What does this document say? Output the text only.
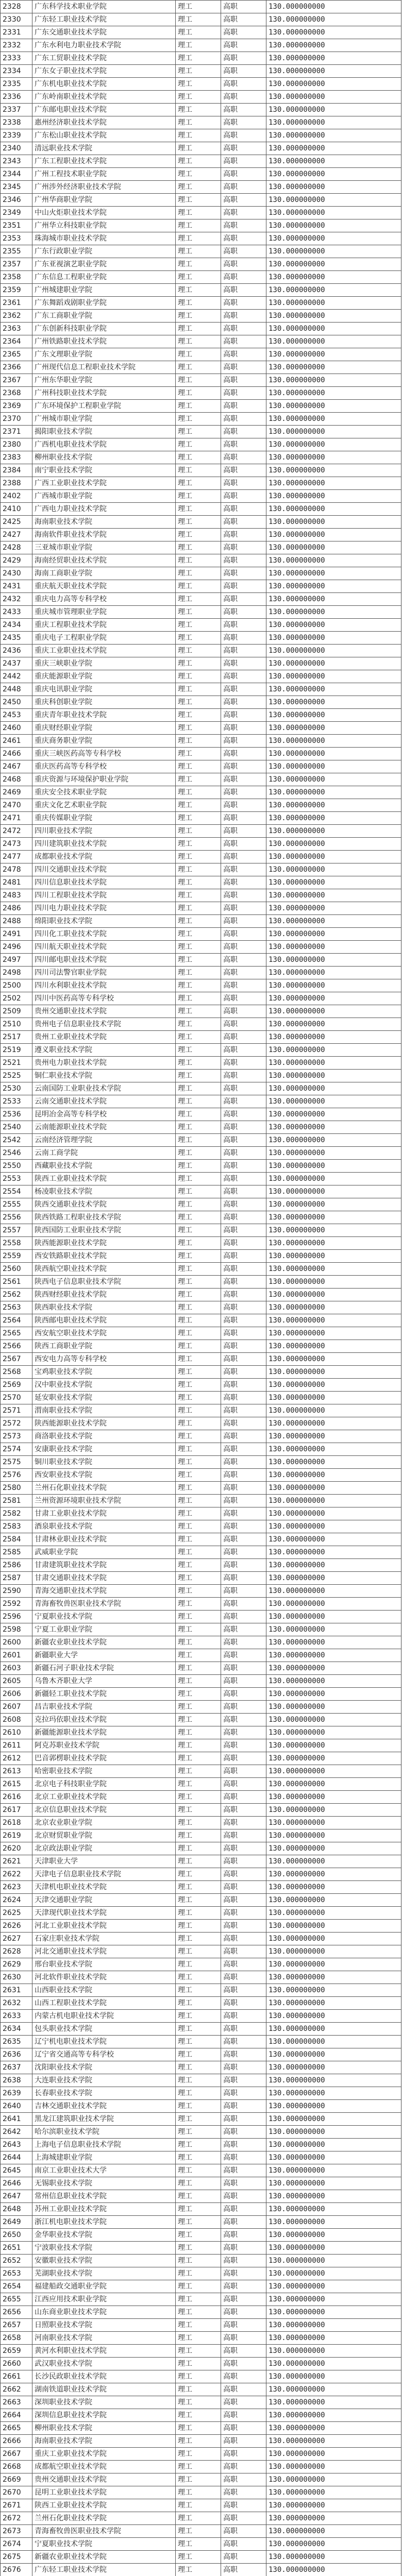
2328	广东科学技术职业学院	理工	高职	130.000000000
2330	广东轻工职业技术学院	理工	高职	130.000000000
2331	广东交通职业技术学院	理工	高职	130.000000000
2332	广东水利电力职业技术学院	理工	高职	130.000000000
2333	广东工贸职业技术学院	理工	高职	130.000000000
2334	广东女子职业技术学院	理工	高职	130.000000000
2335	广东机电职业技术学院	理工	高职	130.000000000
2336	广东岭南职业技术学院	理工	高职	130.000000000
2337	广东邮电职业技术学院	理工	高职	130.000000000
2338	惠州经济职业技术学院	理工	高职	130.000000000
2339	广东松山职业技术学院	理工	高职	130.000000000
2340	清远职业技术学院	理工	高职	130.000000000
2343	广东工程职业技术学院	理工	高职	130.000000000
2344	广州工程技术职业学院	理工	高职	130.000000000
2345	广州涉外经济职业技术学院	理工	高职	130.000000000
2346	广州华商职业学院	理工	高职	130.000000000
2349	中山火炬职业技术学院	理工	高职	130.000000000
2351	广州华立科技职业学院	理工	高职	130.000000000
2353	珠海城市职业技术学院	理工	高职	130.000000000
2355	广东行政职业学院	理工	高职	130.000000000
2357	广东亚视演艺职业学院	理工	高职	130.000000000
2358	广东信息工程职业学院	理工	高职	130.000000000
2359	广州城建职业学院	理工	高职	130.000000000
2361	广东舞蹈戏剧职业学院	理工	高职	130.000000000
2362	广东工商职业学院	理工	高职	130.000000000
2363	广东创新科技职业学院	理工	高职	130.000000000
2364	广州铁路职业技术学院	理工	高职	130.000000000
2365	广东文理职业学院	理工	高职	130.000000000
2366	广州现代信息工程职业技术学院	理工	高职	130.000000000
2367	广州东华职业学院	理工	高职	130.000000000
2368	广州科技职业技术学院	理工	高职	130.000000000
2369	广东环境保护工程职业学院	理工	高职	130.000000000
2370	广州城市职业学院	理工	高职	130.000000000
2371	揭阳职业技术学院	理工	高职	130.000000000
2380	广西机电职业技术学院	理工	高职	130.000000000
2383	柳州职业技术学院	理工	高职	130.000000000
2384	南宁职业技术学院	理工	高职	130.000000000
2388	广西工业职业技术学院	理工	高职	130.000000000
2402	广西城市职业学院	理工	高职	130.000000000
2410	广西电力职业技术学院	理工	高职	130.000000000
2425	海南职业技术学院	理工	高职	130.000000000
2427	海南软件职业技术学院	理工	高职	130.000000000
2428	三亚城市职业学院	理工	高职	130.000000000
2429	海南经贸职业技术学院	理工	高职	130.000000000
2430	海南工商职业学院	理工	高职	130.000000000
2431	重庆航天职业技术学院	理工	高职	130.000000000
2432	重庆电力高等专科学校	理工	高职	130.000000000
2433	重庆城市管理职业学院	理工	高职	130.000000000
2434	重庆工程职业技术学院	理工	高职	130.000000000
2435	重庆电子工程职业学院	理工	高职	130.000000000
2436	重庆工业职业技术学院	理工	高职	130.000000000
2437	重庆三峡职业学院	理工	高职	130.000000000
2442	重庆能源职业学院	理工	高职	130.000000000
2448	重庆电讯职业学院	理工	高职	130.000000000
2450	重庆科创职业学院	理工	高职	130.000000000
2453	重庆青年职业技术学院	理工	高职	130.000000000
2460	重庆财经职业学院	理工	高职	130.000000000
2461	重庆商务职业学院	理工	高职	130.000000000
2466	重庆三峡医药高等专科学校	理工	高职	130.000000000
2467	重庆医药高等专科学校	理工	高职	130.000000000
2468	重庆资源与环境保护职业学院	理工	高职	130.000000000
2469	重庆安全技术职业学院	理工	高职	130.000000000
2470	重庆文化艺术职业学院	理工	高职	130.000000000
2471	重庆传媒职业学院	理工	高职	130.000000000
2472	四川职业技术学院	理工	高职	130.000000000
2473	四川建筑职业技术学院	理工	高职	130.000000000
2477	成都职业技术学院	理工	高职	130.000000000
2478	四川交通职业技术学院	理工	高职	130.000000000
2481	四川信息职业技术学院	理工	高职	130.000000000
2483	四川工程职业技术学院	理工	高职	130.000000000
2486	四川电力职业技术学院	理工	高职	130.000000000
2488	绵阳职业技术学院	理工	高职	130.000000000
2491	四川化工职业技术学院	理工	高职	130.000000000
2496	四川航天职业技术学院	理工	高职	130.000000000
2497	四川邮电职业技术学院	理工	高职	130.000000000
2498	四川司法警官职业学院	理工	高职	130.000000000
2500	四川水利职业技术学院	理工	高职	130.000000000
2502	四川中医药高等专科学校	理工	高职	130.000000000
2509	贵州交通职业技术学院	理工	高职	130.000000000
2510	贵州电子信息职业技术学院	理工	高职	130.000000000
2517	贵州工业职业技术学院	理工	高职	130.000000000
2519	遵义职业技术学院	理工	高职	130.000000000
2521	贵州电力职业技术学院	理工	高职	130.000000000
2525	铜仁职业技术学院	理工	高职	130.000000000
2530	云南国防工业职业技术学院	理工	高职	130.000000000
2533	云南交通职业技术学院	理工	高职	130.000000000
2536	昆明冶金高等专科学校	理工	高职	130.000000000
2540	云南能源职业技术学院	理工	高职	130.000000000
2542	云南经济管理学院	理工	高职	130.000000000
2546	云南工商学院	理工	高职	130.000000000
2550	西藏职业技术学院	理工	高职	130.000000000
2553	陕西工业职业技术学院	理工	高职	130.000000000
2554	杨凌职业技术学院	理工	高职	130.000000000
2555	陕西交通职业技术学院	理工	高职	130.000000000
2556	陕西铁路工程职业技术学院	理工	高职	130.000000000
2557	陕西国防工业职业技术学院	理工	高职	130.000000000
2558	陕西能源职业技术学院	理工	高职	130.000000000
2559	西安铁路职业技术学院	理工	高职	130.000000000
2560	陕西航空职业技术学院	理工	高职	130.000000000
2561	陕西电子信息职业技术学院	理工	高职	130.000000000
2562	陕西财经职业技术学院	理工	高职	130.000000000
2563	陕西职业技术学院	理工	高职	130.000000000
2564	陕西邮电职业技术学院	理工	高职	130.000000000
2565	西安航空职业技术学院	理工	高职	130.000000000
2566	陕西工商职业学院	理工	高职	130.000000000
2567	西安电力高等专科学校	理工	高职	130.000000000
2568	宝鸡职业技术学院	理工	高职	130.000000000
2569	汉中职业技术学院	理工	高职	130.000000000
2570	延安职业技术学院	理工	高职	130.000000000
2571	渭南职业技术学院	理工	高职	130.000000000
2572	陕西能源职业技术学院	理工	高职	130.000000000
2573	商洛职业技术学院	理工	高职	130.000000000
2574	安康职业技术学院	理工	高职	130.000000000
2575	铜川职业技术学院	理工	高职	130.000000000
2576	西安职业技术学院	理工	高职	130.000000000
2580	兰州石化职业技术学院	理工	高职	130.000000000
2581	兰州资源环境职业技术学院	理工	高职	130.000000000
2582	甘肃工业职业技术学院	理工	高职	130.000000000
2583	酒泉职业技术学院	理工	高职	130.000000000
2584	甘肃林业职业技术学院	理工	高职	130.000000000
2585	武威职业学院	理工	高职	130.000000000
2586	甘肃建筑职业技术学院	理工	高职	130.000000000
2587	甘肃交通职业技术学院	理工	高职	130.000000000
2590	青海交通职业技术学院	理工	高职	130.000000000
2592	青海畜牧兽医职业技术学院	理工	高职	130.000000000
2596	宁夏职业技术学院	理工	高职	130.000000000
2598	宁夏工业职业学院	理工	高职	130.000000000
2600	新疆农业职业技术学院	理工	高职	130.000000000
2601	新疆职业大学	理工	高职	130.000000000
2603	新疆石河子职业技术学院	理工	高职	130.000000000
2605	乌鲁木齐职业大学	理工	高职	130.000000000
2606	新疆轻工职业技术学院	理工	高职	130.000000000
2607	昌吉职业技术学院	理工	高职	130.000000000
2608	克拉玛依职业技术学院	理工	高职	130.000000000
2610	新疆能源职业技术学院	理工	高职	130.000000000
2611	阿克苏职业技术学院	理工	高职	130.000000000
2612	巴音郭楞职业技术学院	理工	高职	130.000000000
2613	哈密职业技术学院	理工	高职	130.000000000
2615	北京电子科技职业学院	理工	高职	130.000000000
2616	北京工业职业技术学院	理工	高职	130.000000000
2617	北京信息职业技术学院	理工	高职	130.000000000
2618	北京农业职业学院	理工	高职	130.000000000
2619	北京财贸职业学院	理工	高职	130.000000000
2620	北京政法职业学院	理工	高职	130.000000000
2621	天津职业大学	理工	高职	130.000000000
2622	天津电子信息职业技术学院	理工	高职	130.000000000
2623	天津机电职业技术学院	理工	高职	130.000000000
2624	天津交通职业学院	理工	高职	130.000000000
2625	天津现代职业技术学院	理工	高职	130.000000000
2626	河北工业职业技术学院	理工	高职	130.000000000
2627	石家庄职业技术学院	理工	高职	130.000000000
2628	河北交通职业技术学院	理工	高职	130.000000000
2629	邢台职业技术学院	理工	高职	130.000000000
2630	河北软件职业技术学院	理工	高职	130.000000000
2631	山西职业技术学院	理工	高职	130.000000000
2632	山西工程职业技术学院	理工	高职	130.000000000
2633	内蒙古机电职业技术学院	理工	高职	130.000000000
2634	包头职业技术学院	理工	高职	130.000000000
2635	辽宁机电职业技术学院	理工	高职	130.000000000
2636	辽宁省交通高等专科学校	理工	高职	130.000000000
2637	沈阳职业技术学院	理工	高职	130.000000000
2638	大连职业技术学院	理工	高职	130.000000000
2639	长春职业技术学院	理工	高职	130.000000000
2640	吉林交通职业技术学院	理工	高职	130.000000000
2641	黑龙江建筑职业技术学院	理工	高职	130.000000000
2642	哈尔滨职业技术学院	理工	高职	130.000000000
2643	上海电子信息职业技术学院	理工	高职	130.000000000
2644	上海城建职业学院	理工	高职	130.000000000
2645	南京工业职业技术大学	理工	高职	130.000000000
2646	无锡职业技术学院	理工	高职	130.000000000
2647	常州信息职业技术学院	理工	高职	130.000000000
2648	苏州工业职业技术学院	理工	高职	130.000000000
2649	浙江机电职业技术学院	理工	高职	130.000000000
2650	金华职业技术学院	理工	高职	130.000000000
2651	宁波职业技术学院	理工	高职	130.000000000
2652	安徽职业技术学院	理工	高职	130.000000000
2653	芜湖职业技术学院	理工	高职	130.000000000
2654	福建船政交通职业学院	理工	高职	130.000000000
2655	江西应用技术职业学院	理工	高职	130.000000000
2656	山东商业职业技术学院	理工	高职	130.000000000
2657	日照职业技术学院	理工	高职	130.000000000
2658	河南职业技术学院	理工	高职	130.000000000
2659	黄河水利职业技术学院	理工	高职	130.000000000
2660	武汉职业技术学院	理工	高职	130.000000000
2661	长沙民政职业技术学院	理工	高职	130.000000000
2662	湖南铁道职业技术学院	理工	高职	130.000000000
2663	深圳职业技术学院	理工	高职	130.000000000
2664	深圳信息职业技术学院	理工	高职	130.000000000
2665	柳州职业技术学院	理工	高职	130.000000000
2666	海南职业技术学院	理工	高职	130.000000000
2667	重庆工业职业技术学院	理工	高职	130.000000000
2668	成都航空职业技术学院	理工	高职	130.000000000
2669	贵州交通职业技术学院	理工	高职	130.000000000
2670	昆明工业职业技术学院	理工	高职	130.000000000
2671	陕西工业职业技术学院	理工	高职	130.000000000
2672	兰州石化职业技术学院	理工	高职	130.000000000
2673	青海畜牧兽医职业技术学院	理工	高职	130.000000000
2674	宁夏职业技术学院	理工	高职	130.000000000
2675	新疆农业职业技术学院	理工	高职	130.000000000
2676	广东轻工职业技术学院	理工	高职	130.000000000
